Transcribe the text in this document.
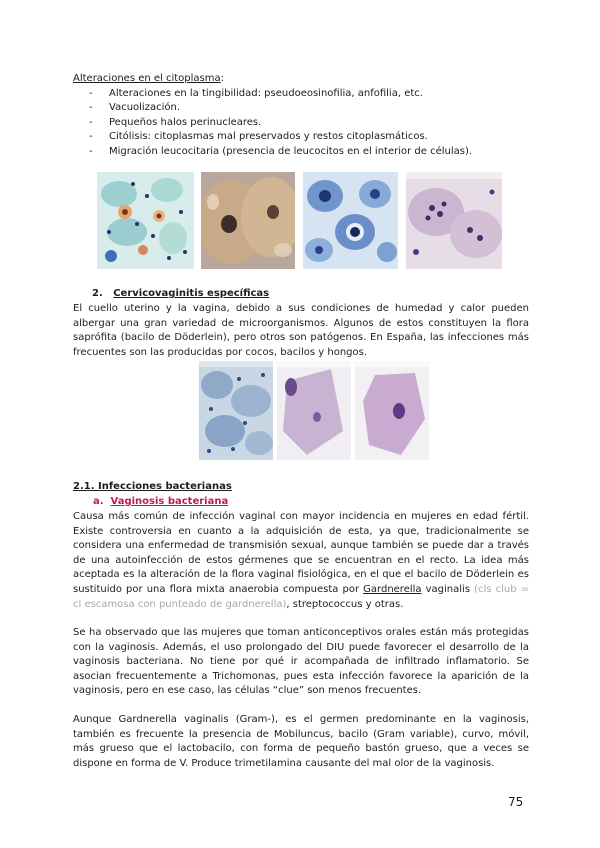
Alteraciones en el citoplasma:
- Alteraciones en la tingibilidad: pseudoeosinofilia, anfofilia, etc.
- Vacuolización.
- Pequeños halos perinucleares.
- Citólisis: citoplasmas mal preservados y restos citoplasmáticos.
- Migración leucocitaria (presencia de leucocitos en el interior de células).
2. Cervicovaginitis específicas
El cuello uterino y la vagina, debido a sus condiciones de humedad y calor pueden albergar una gran variedad de microorganismos. Algunos de estos constituyen la flora saprófita (bacilo de Döderlein), pero otros son patógenos. En España, las infecciones más frecuentes son las producidas por cocos, bacilos y hongos.
2.1. Infecciones bacterianas
a. Vaginosis bacteriana
Causa más común de infección vaginal con mayor incidencia en mujeres en edad fértil. Existe controversia en cuanto a la adquisición de esta, ya que, tradicionalmente se considera una enfermedad de transmisión sexual, aunque también se puede dar a través de una autoinfección de estos gérmenes que se encuentran en el recto. La idea más aceptada es la alteración de la flora vaginal fisiológica, en el que el bacilo de Döderlein es sustituido por una flora mixta anaerobia compuesta por Gardnerella vaginalis (cls club = cl escamosa con punteado de gardnerella), streptococcus y otras.
Se ha observado que las mujeres que toman anticonceptivos orales están más protegidas con la vaginosis. Además, el uso prolongado del DIU puede favorecer el desarrollo de la vaginosis bacteriana. No tiene por qué ir acompañada de infiltrado inflamatorio. Se asocian frecuentemente a Trichomonas, pues esta infección favorece la aparición de la vaginosis, pero en ese caso, las células “clue” son menos frecuentes.
Aunque Gardnerella vaginalis (Gram-), es el germen predominante en la vaginosis, también es frecuente la presencia de Mobiluncus, bacilo (Gram variable), curvo, móvil, más grueso que el lactobacilo, con forma de pequeño bastón grueso, que a veces se dispone en forma de V. Produce trimetilamina causante del mal olor de la vaginosis.
75
